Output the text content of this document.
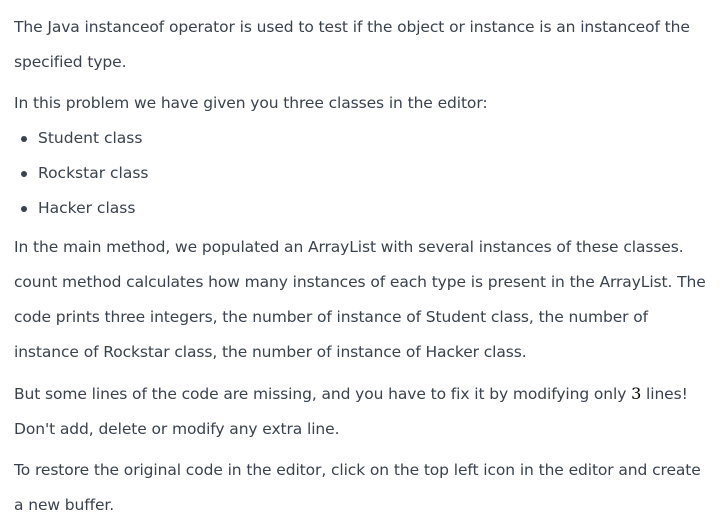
The Java instanceof operator is used to test if the object or instance is an instanceof the specified type.

In this problem we have given you three classes in the editor:

Student class
Rockstar class
Hacker class

In the main method, we populated an ArrayList with several instances of these classes. count method calculates how many instances of each type is present in the ArrayList. The code prints three integers, the number of instance of Student class, the number of instance of Rockstar class, the number of instance of Hacker class.

But some lines of the code are missing, and you have to fix it by modifying only 3 lines! Don't add, delete or modify any extra line.

To restore the original code in the editor, click on the top left icon in the editor and create a new buffer.
